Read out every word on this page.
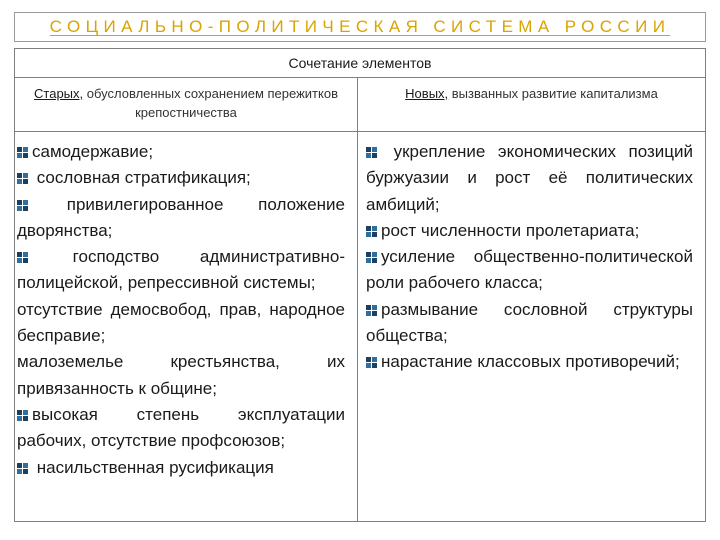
СОЦИАЛЬНО-ПОЛИТИЧЕСКАЯ СИСТЕМА РОССИИ
Сочетание элементов
Старых, обусловленных сохранением пережитков крепостничества
Новых, вызванных развитие капитализма

самодержавие;

сословная стратификация;

привилегированное положение дворянства;

господство административно-полицейской, репрессивной системы;

отсутствие демосвобод, прав, народное бесправие;

малоземелье крестьянства, их привязанность к общине;

высокая степень эксплуатации рабочих, отсутствие профсоюзов;

насильственная русификация

укрепление экономических позиций буржуазии и рост её политических амбиций;

рост численности пролетариата;

усиление общественно-политической роли рабочего класса;

размывание сословной структуры общества;

нарастание классовых противоречий;
